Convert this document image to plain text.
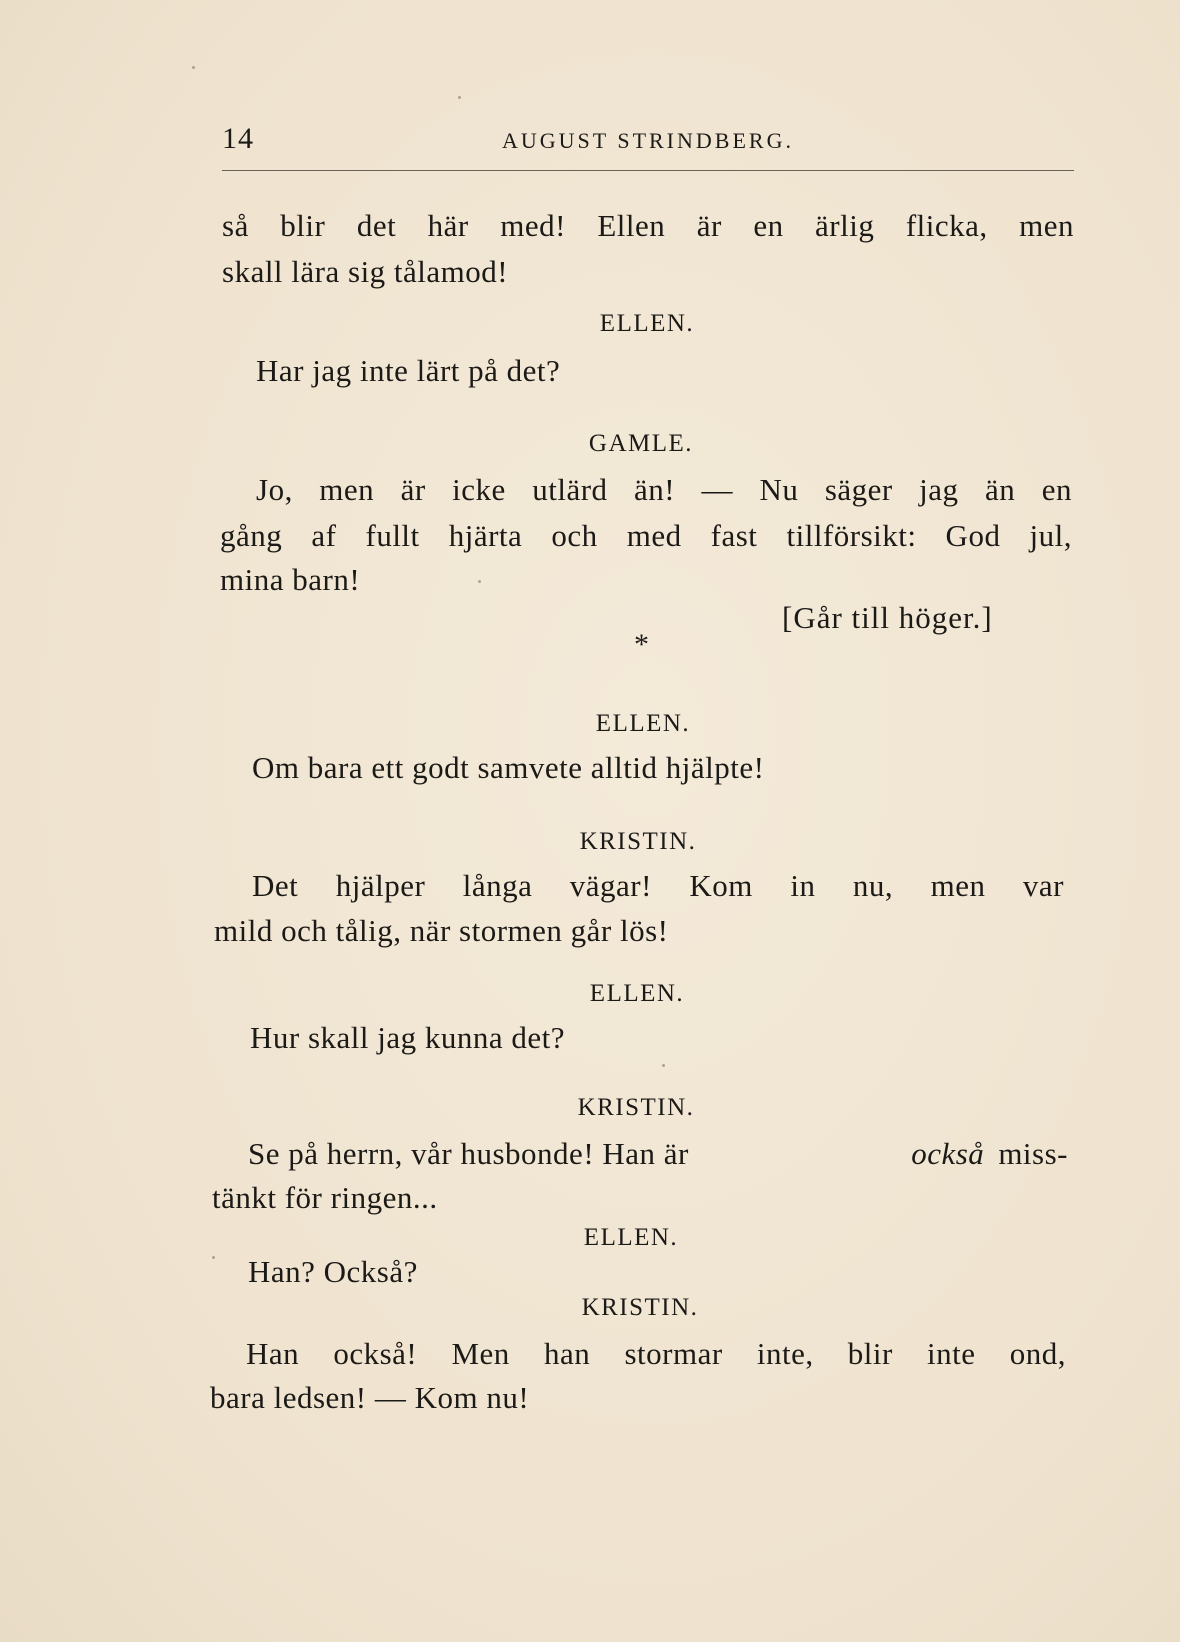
14	AUGUST STRINDBERG.
så blir det här med! Ellen är en ärlig flicka, men
skall lära sig tålamod!
ELLEN.
Har jag inte lärt på det?
GAMLE.
Jo, men är icke utlärd än! — Nu säger jag än en
gång af fullt hjärta och med fast tillförsikt: God jul,
mina barn!
[Går till höger.]
*
ELLEN.
Om bara ett godt samvete alltid hjälpte!
KRISTIN.
Det hjälper långa vägar! Kom in nu, men var
mild och tålig, när stormen går lös!
ELLEN.
Hur skall jag kunna det?
KRISTIN.
Se på herrn, vår husbonde! Han är	också miss-
tänkt för ringen...
ELLEN.
Han? Också?
KRISTIN.
Han också! Men han stormar inte, blir inte ond,
bara ledsen! — Kom nu!
